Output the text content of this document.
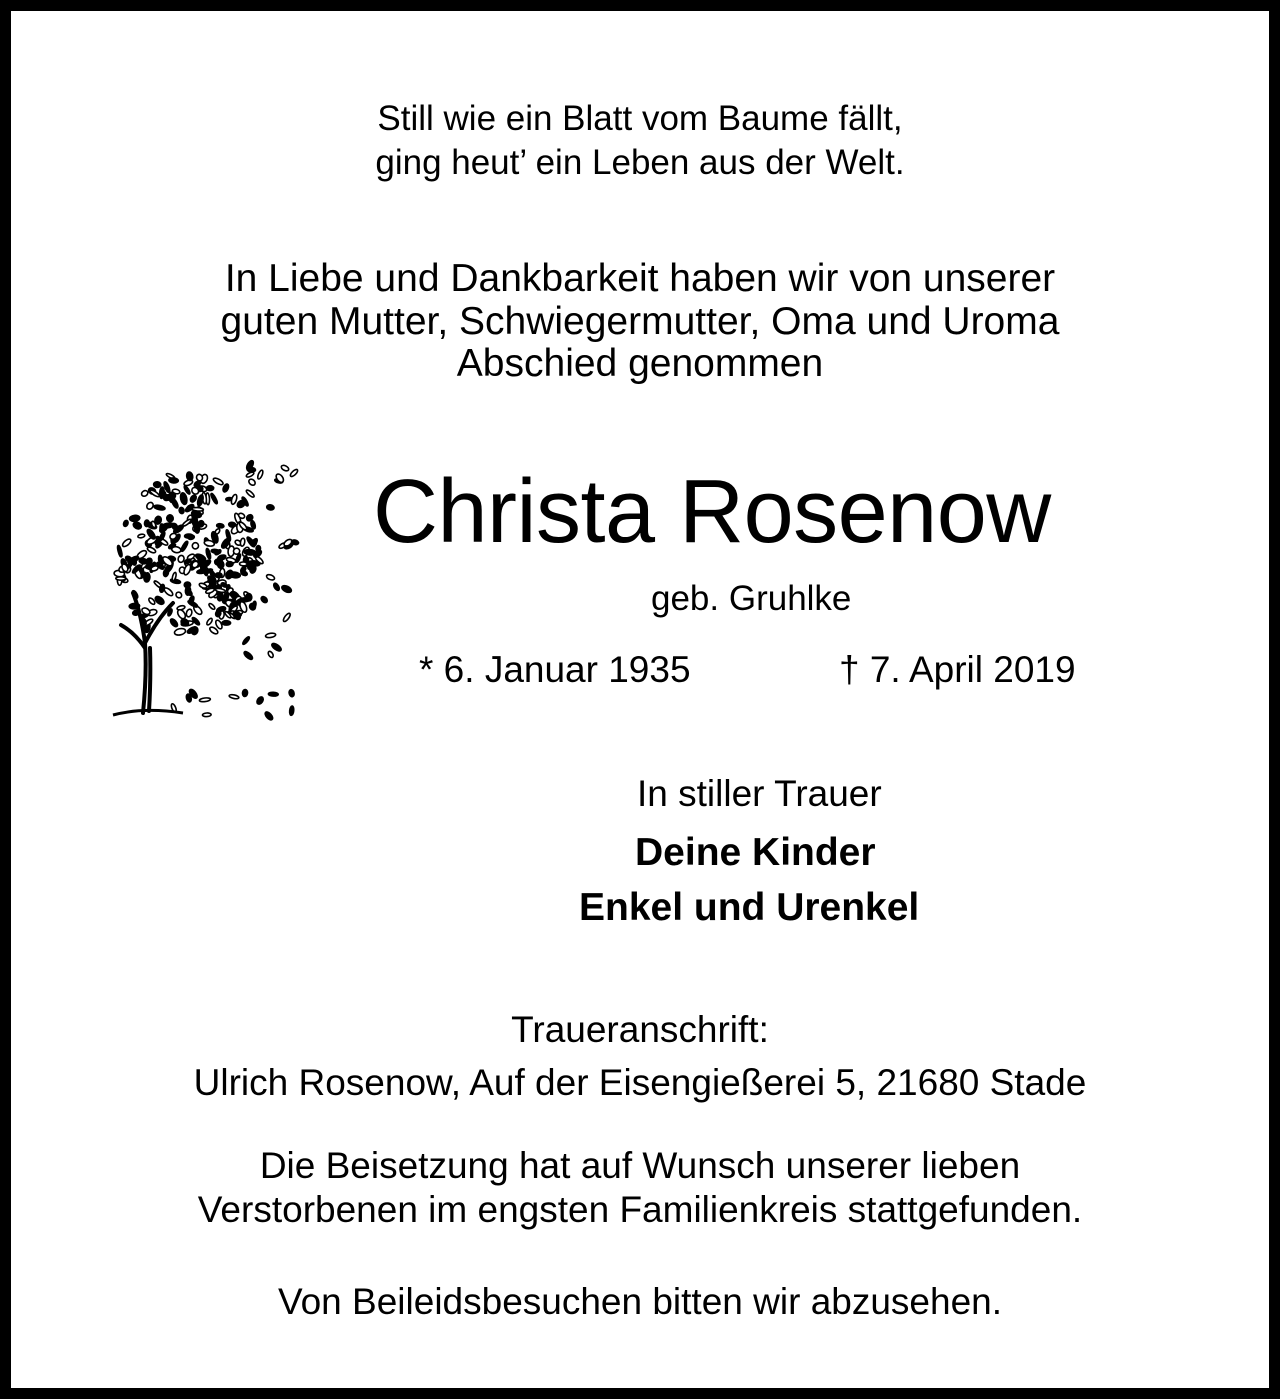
Still wie ein Blatt vom Baume fällt,

ging heut’ ein Leben aus der Welt.

In Liebe und Dankbarkeit haben wir von unserer

guten Mutter, Schwiegermutter, Oma und Uroma

Abschied genommen

Christa Rosenow

geb. Gruhlke

* 6. Januar 1935	† 7. April 2019

In stiller Trauer

Deine Kinder

Enkel und Urenkel

Traueranschrift:

Ulrich Rosenow, Auf der Eisengießerei 5, 21680 Stade

Die Beisetzung hat auf Wunsch unserer lieben

Verstorbenen im engsten Familienkreis stattgefunden.

Von Beileidsbesuchen bitten wir abzusehen.
